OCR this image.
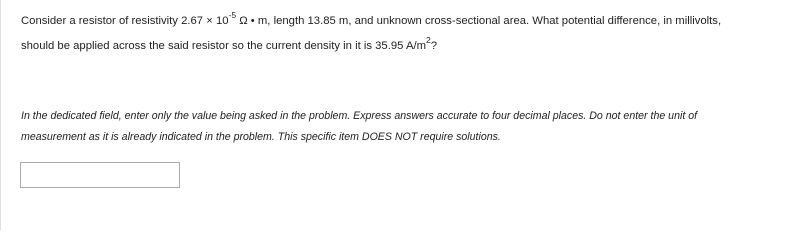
Consider a resistor of resistivity $2.67 \times 10^{-5}$ Ω • m, length 13.85 m, and unknown cross-sectional area. What potential difference, in millivolts,
should be applied across the said resistor so the current density in it is 35.95 $A/m^2$?
In the dedicated field, enter only the value being asked in the problem. Express answers accurate to four decimal places. Do not enter the unit of
measurement as it is already indicated in the problem. This specific item DOES NOT require solutions.
